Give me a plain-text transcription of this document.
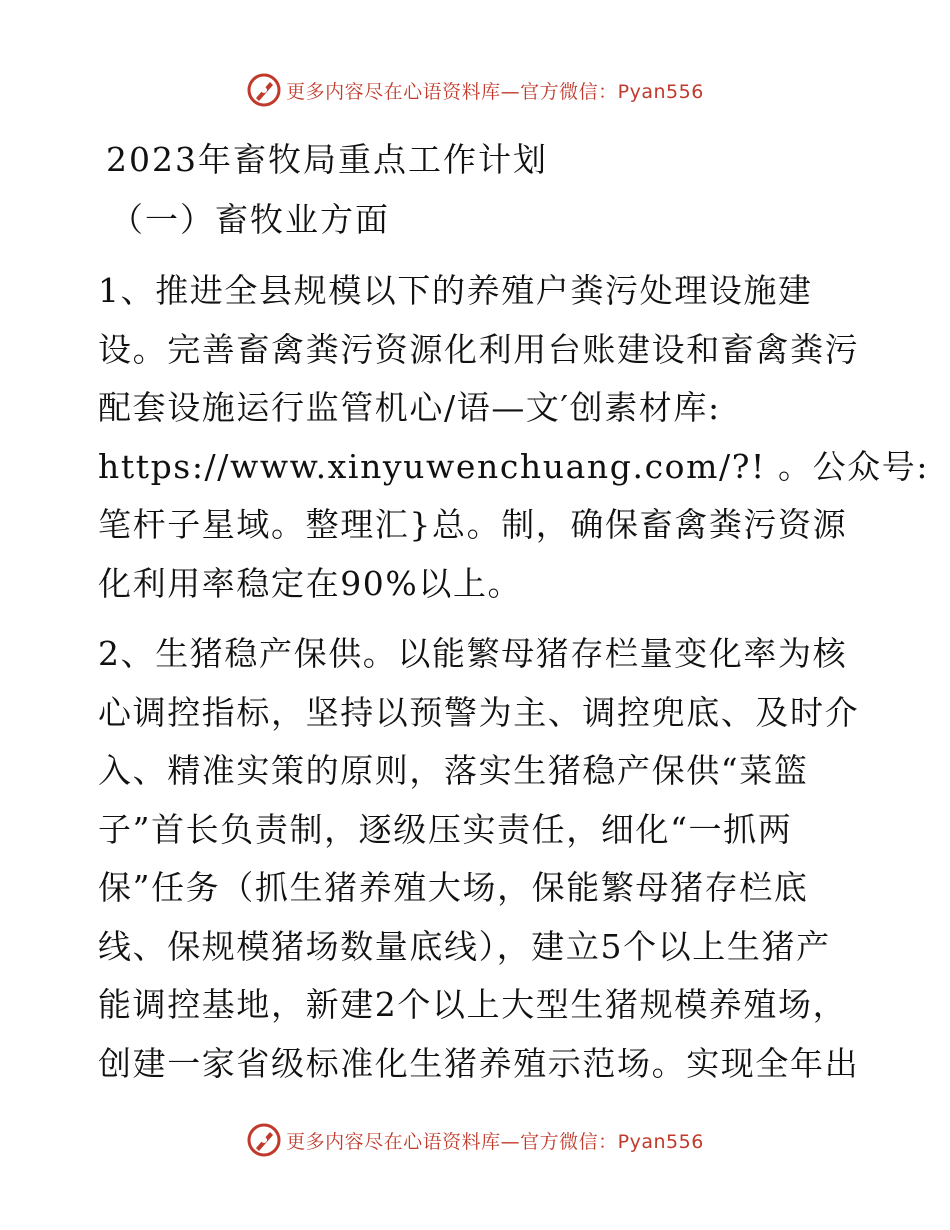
更多内容尽在心语资料库—官方微信：Pyan556
2023年畜牧局重点工作计划
（一）畜牧业方面
1、推进全县规模以下的养殖户粪污处理设施建
设。完善畜禽粪污资源化利用台账建设和畜禽粪污
配套设施运行监管机心/语—文′创素材库:
https://www.xinyuwenchuang.com/?! 。公众号:
笔杆子星域。整理汇}总。制，确保畜禽粪污资源
化利用率稳定在90%以上。
2、生猪稳产保供。以能繁母猪存栏量变化率为核
心调控指标，坚持以预警为主、调控兜底、及时介
入、精准实策的原则，落实生猪稳产保供“菜篮
子”首长负责制，逐级压实责任，细化“一抓两
保”任务（抓生猪养殖大场，保能繁母猪存栏底
线、保规模猪场数量底线），建立5个以上生猪产
能调控基地，新建2个以上大型生猪规模养殖场，
创建一家省级标准化生猪养殖示范场。实现全年出
更多内容尽在心语资料库—官方微信：Pyan556
